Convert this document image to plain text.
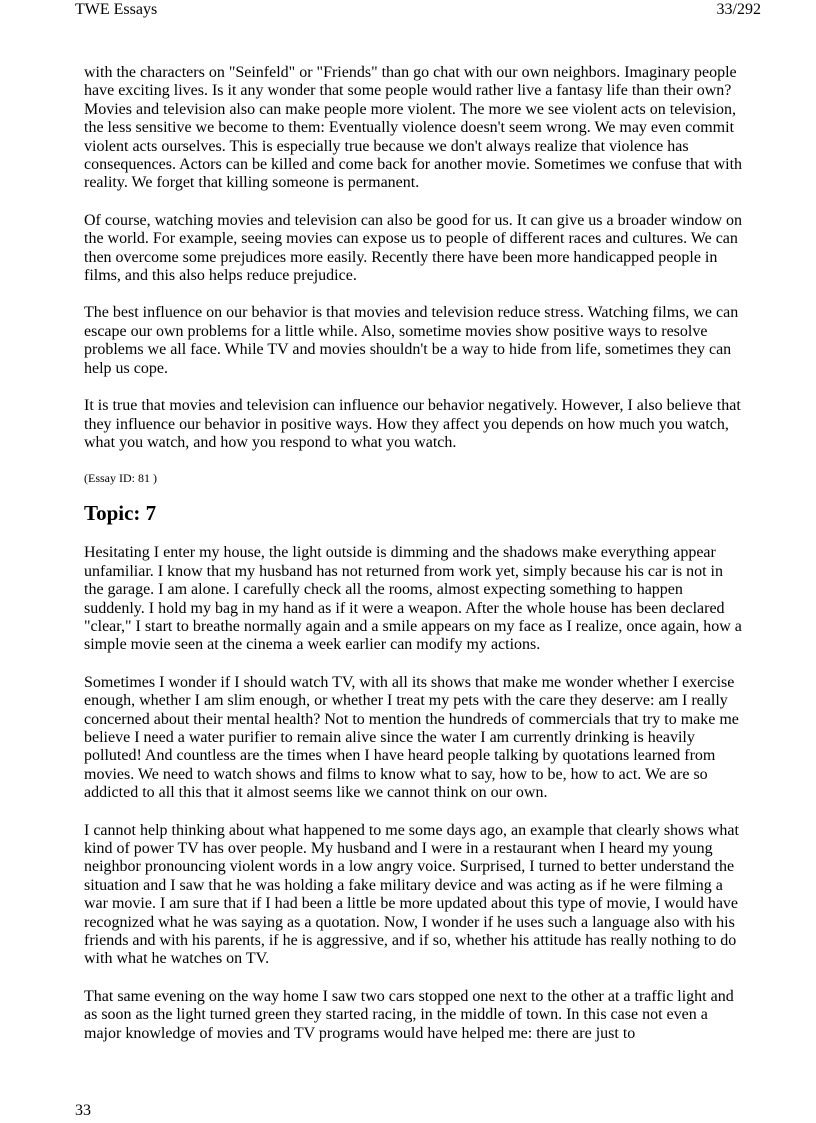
TWE Essays	33/292

with the characters on "Seinfeld" or "Friends" than go chat with our own neighbors. Imaginary people have exciting lives. Is it any wonder that some people would rather live a fantasy life than their own? Movies and television also can make people more violent. The more we see violent acts on television, the less sensitive we become to them: Eventually violence doesn't seem wrong. We may even commit violent acts ourselves. This is especially true because we don't always realize that violence has consequences. Actors can be killed and come back for another movie. Sometimes we confuse that with reality. We forget that killing someone is permanent.

Of course, watching movies and television can also be good for us. It can give us a broader window on the world. For example, seeing movies can expose us to people of different races and cultures. We can then overcome some prejudices more easily. Recently there have been more handicapped people in films, and this also helps reduce prejudice.

The best influence on our behavior is that movies and television reduce stress. Watching films, we can escape our own problems for a little while. Also, sometime movies show positive ways to resolve problems we all face. While TV and movies shouldn't be a way to hide from life, sometimes they can help us cope.

It is true that movies and television can influence our behavior negatively. However, I also believe that they influence our behavior in positive ways. How they affect you depends on how much you watch, what you watch, and how you respond to what you watch.

(Essay ID: 81 )

Topic: 7

Hesitating I enter my house, the light outside is dimming and the shadows make everything appear unfamiliar. I know that my husband has not returned from work yet, simply because his car is not in the garage. I am alone. I carefully check all the rooms, almost expecting something to happen suddenly. I hold my bag in my hand as if it were a weapon. After the whole house has been declared "clear," I start to breathe normally again and a smile appears on my face as I realize, once again, how a simple movie seen at the cinema a week earlier can modify my actions.

Sometimes I wonder if I should watch TV, with all its shows that make me wonder whether I exercise enough, whether I am slim enough, or whether I treat my pets with the care they deserve: am I really concerned about their mental health? Not to mention the hundreds of commercials that try to make me believe I need a water purifier to remain alive since the water I am currently drinking is heavily polluted! And countless are the times when I have heard people talking by quotations learned from movies. We need to watch shows and films to know what to say, how to be, how to act. We are so addicted to all this that it almost seems like we cannot think on our own.

I cannot help thinking about what happened to me some days ago, an example that clearly shows what kind of power TV has over people. My husband and I were in a restaurant when I heard my young neighbor pronouncing violent words in a low angry voice. Surprised, I turned to better understand the situation and I saw that he was holding a fake military device and was acting as if he were filming a war movie. I am sure that if I had been a little be more updated about this type of movie, I would have recognized what he was saying as a quotation. Now, I wonder if he uses such a language also with his friends and with his parents, if he is aggressive, and if so, whether his attitude has really nothing to do with what he watches on TV.

That same evening on the way home I saw two cars stopped one next to the other at a traffic light and as soon as the light turned green they started racing, in the middle of town. In this case not even a major knowledge of movies and TV programs would have helped me: there are just to

33
